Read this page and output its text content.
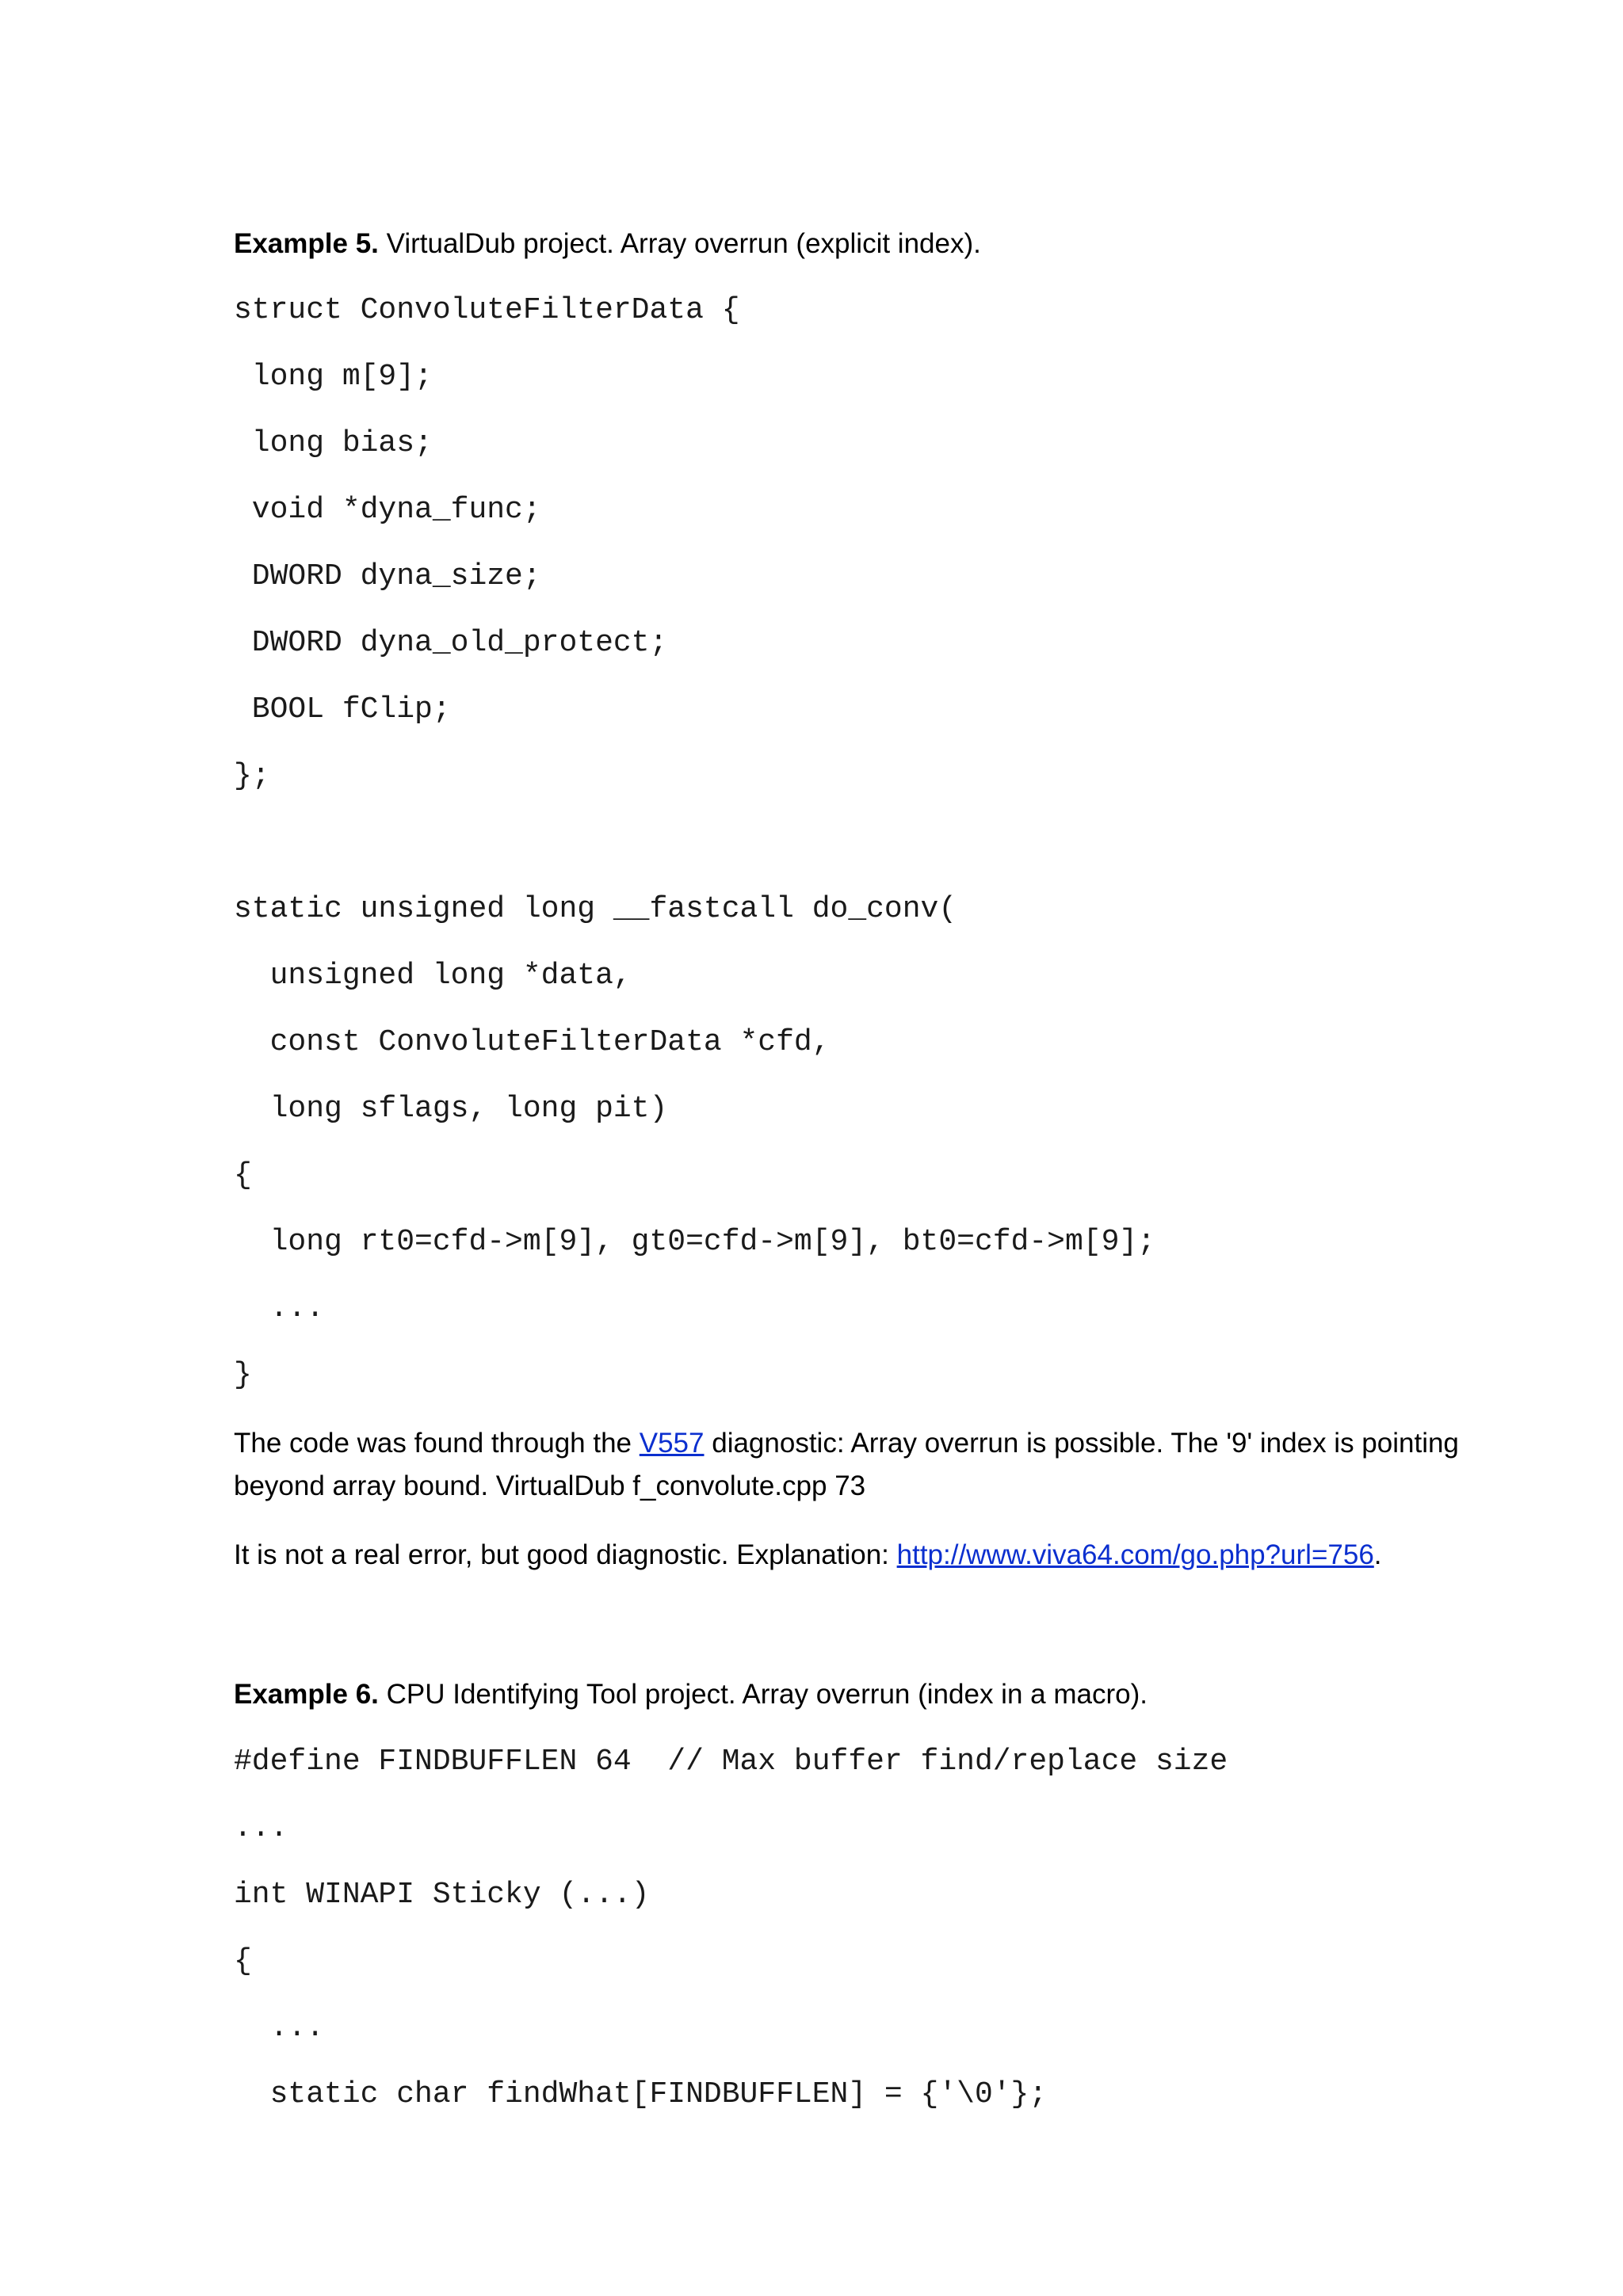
Example 5. VirtualDub project. Array overrun (explicit index).
struct ConvoluteFilterData {
long m[9];
long bias;
void *dyna_func;
DWORD dyna_size;
DWORD dyna_old_protect;
BOOL fClip;
};
static unsigned long __fastcall do_conv(
unsigned long *data,
const ConvoluteFilterData *cfd,
long sflags, long pit)
{
long rt0=cfd->m[9], gt0=cfd->m[9], bt0=cfd->m[9];
...
}
The code was found through the V557 diagnostic: Array overrun is possible. The '9' index is pointing
beyond array bound. VirtualDub f_convolute.cpp 73
It is not a real error, but good diagnostic. Explanation: http://www.viva64.com/go.php?url=756.
Example 6. CPU Identifying Tool project. Array overrun (index in a macro).
#define FINDBUFFLEN 64  // Max buffer find/replace size
...
int WINAPI Sticky (...)
{
...
static char findWhat[FINDBUFFLEN] = {'\0'};
